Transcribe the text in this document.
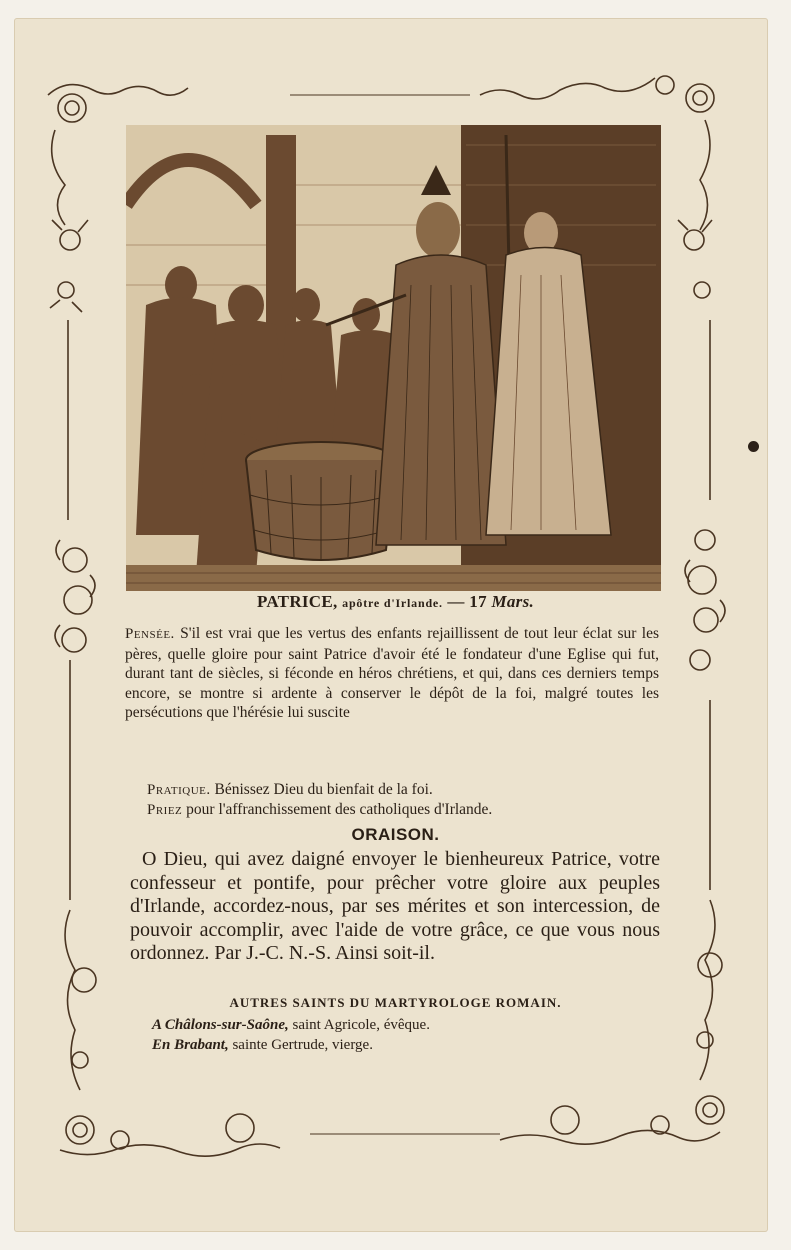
PATRICE, apôtre d'Irlande. — 17 Mars.
Pensée. S'il est vrai que les vertus des enfants rejaillissent de tout leur éclat sur les pères, quelle gloire pour saint Patrice d'avoir été le fondateur d'une Eglise qui fut, durant tant de siècles, si féconde en héros chrétiens, et qui, dans ces derniers temps encore, se montre si ardente à conserver le dépôt de la foi, malgré toutes les persécutions que l'hérésie lui suscite
Pratique. Bénissez Dieu du bienfait de la foi.
Priez pour l'affranchissement des catholiques d'Irlande.
ORAISON.
O Dieu, qui avez daigné envoyer le bienheureux Patrice, votre confesseur et pontife, pour prêcher votre gloire aux peuples d'Irlande, accordez-nous, par ses mérites et son intercession, de pouvoir accomplir, avec l'aide de votre grâce, ce que vous nous ordonnez. Par J.-C. N.-S. Ainsi soit-il.
AUTRES SAINTS DU MARTYROLOGE ROMAIN.
A Châlons-sur-Saône, saint Agricole, évêque.
En Brabant, sainte Gertrude, vierge.
